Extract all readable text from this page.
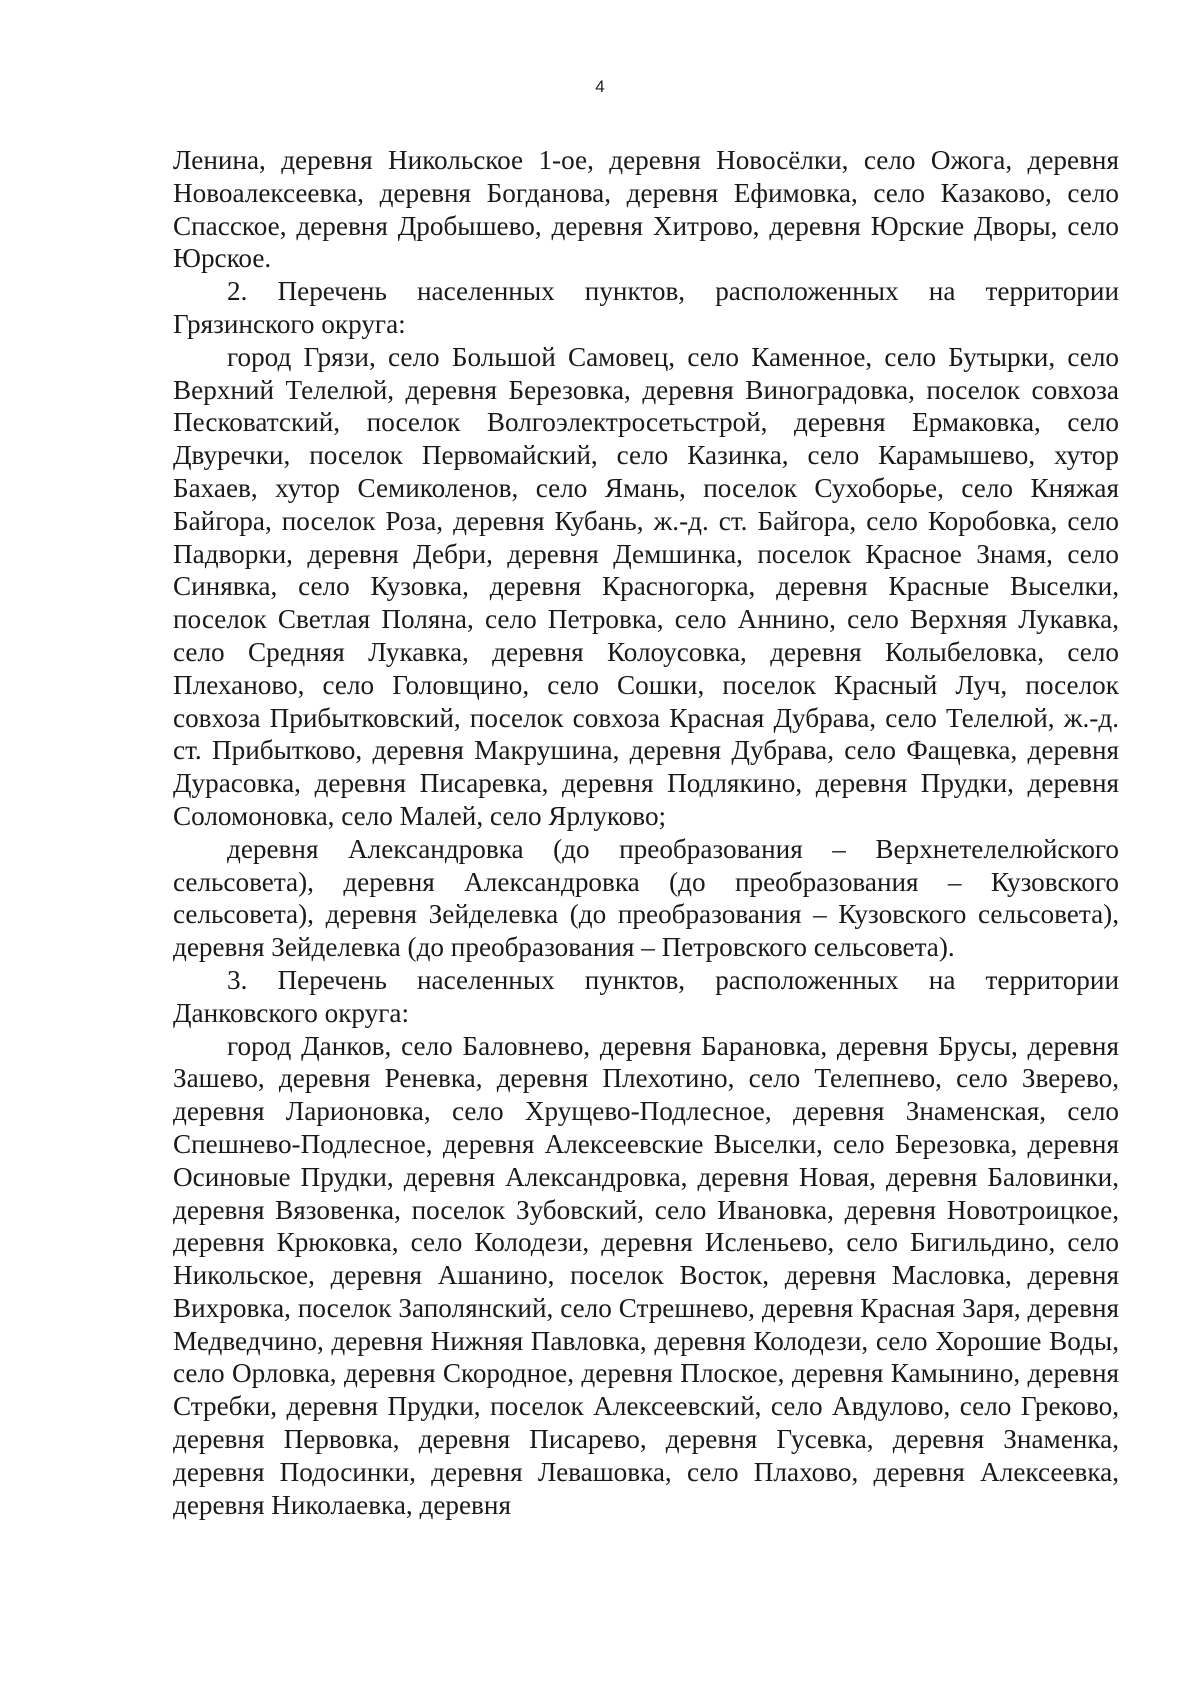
4

Ленина, деревня Никольское 1-ое, деревня Новосёлки, село Ожога, деревня Новоалексеевка, деревня Богданова, деревня Ефимовка, село Казаково, село Спасское, деревня Дробышево, деревня Хитрово, деревня Юрские Дворы, село Юрское.

2. Перечень населенных пунктов, расположенных на территории Грязинского округа:

город Грязи, село Большой Самовец, село Каменное, село Бутырки, село Верхний Телелюй, деревня Березовка, деревня Виноградовка, поселок совхоза Песковатский, поселок Волгоэлектросетьстрой, деревня Ермаковка, село Двуречки, поселок Первомайский, село Казинка, село Карамышево, хутор Бахаев, хутор Семиколенов, село Ямань, поселок Сухоборье, село Княжая Байгора, поселок Роза, деревня Кубань, ж.-д. ст. Байгора, село Коробовка, село Падворки, деревня Дебри, деревня Демшинка, поселок Красное Знамя, село Синявка, село Кузовка, деревня Красногорка, деревня Красные Выселки, поселок Светлая Поляна, село Петровка, село Аннино, село Верхняя Лукавка, село Средняя Лукавка, деревня Колоусовка, деревня Колыбеловка, село Плеханово, село Головщино, село Сошки, поселок Красный Луч, поселок совхоза Прибытковский, поселок совхоза Красная Дубрава, село Телелюй, ж.-д. ст. Прибытково, деревня Макрушина, деревня Дубрава, село Фащевка, деревня Дурасовка, деревня Писаревка, деревня Подлякино, деревня Прудки, деревня Соломоновка, село Малей, село Ярлуково;

деревня Александровка (до преобразования – Верхнетелелюйского сельсовета), деревня Александровка (до преобразования – Кузовского сельсовета), деревня Зейделевка (до преобразования – Кузовского сельсовета), деревня Зейделевка (до преобразования – Петровского сельсовета).

3. Перечень населенных пунктов, расположенных на территории Данковского округа:

город Данков, село Баловнево, деревня Барановка, деревня Брусы, деревня Зашево, деревня Реневка, деревня Плехотино, село Телепнево, село Зверево, деревня Ларионовка, село Хрущево-Подлесное, деревня Знаменская, село Спешнево-Подлесное, деревня Алексеевские Выселки, село Березовка, деревня Осиновые Прудки, деревня Александровка, деревня Новая, деревня Баловинки, деревня Вязовенка, поселок Зубовский, село Ивановка, деревня Новотроицкое, деревня Крюковка, село Колодези, деревня Исленьево, село Бигильдино, село Никольское, деревня Ашанино, поселок Восток, деревня Масловка, деревня Вихровка, поселок Заполянский, село Стрешнево, деревня Красная Заря, деревня Медведчино, деревня Нижняя Павловка, деревня Колодези, село Хорошие Воды, село Орловка, деревня Скородное, деревня Плоское, деревня Камынино, деревня Стребки, деревня Прудки, поселок Алексеевский, село Авдулово, село Греково, деревня Первовка, деревня Писарево, деревня Гусевка, деревня Знаменка, деревня Подосинки, деревня Левашовка, село Плахово, деревня Алексеевка, деревня Николаевка, деревня
